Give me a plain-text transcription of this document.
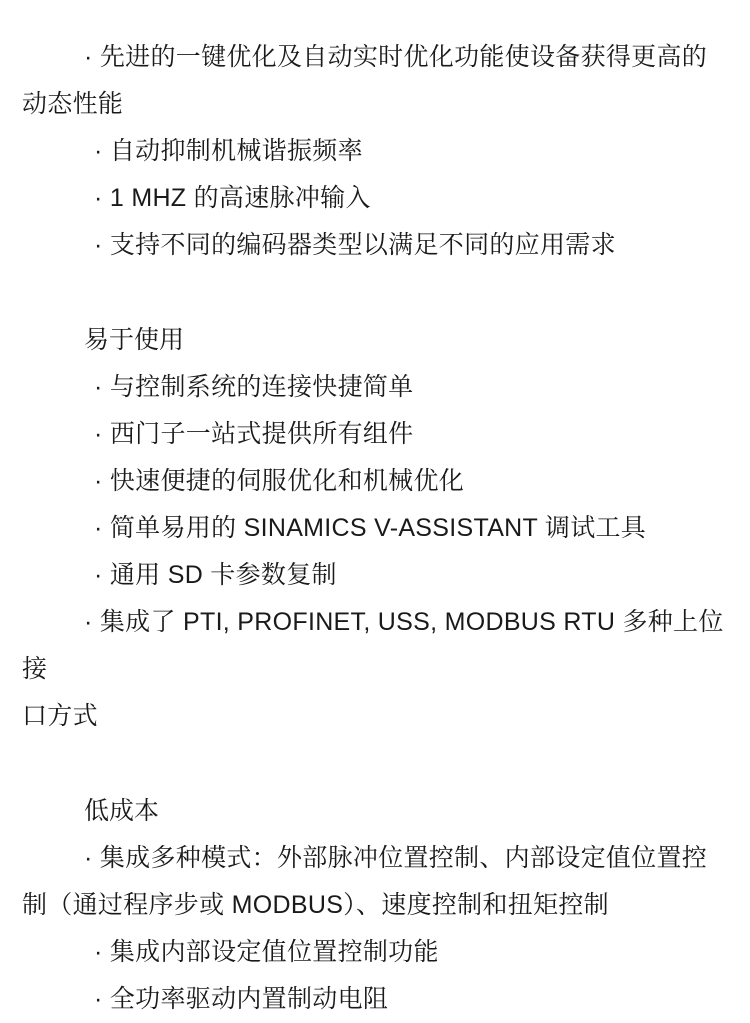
· 先进的一键优化及自动实时优化功能使设备获得更高的
动态性能
· 自动抑制机械谐振频率
· 1 MHZ 的高速脉冲输入
· 支持不同的编码器类型以满足不同的应用需求
易于使用
· 与控制系统的连接快捷简单
· 西门子一站式提供所有组件
· 快速便捷的伺服优化和机械优化
· 简单易用的 SINAMICS V-ASSISTANT 调试工具
· 通用 SD 卡参数复制
· 集成了 PTI, PROFINET, USS, MODBUS RTU 多种上位接
口方式
低成本
· 集成多种模式：外部脉冲位置控制、内部设定值位置控
制（通过程序步或 MODBUS）、速度控制和扭矩控制
· 集成内部设定值位置控制功能
· 全功率驱动内置制动电阻
